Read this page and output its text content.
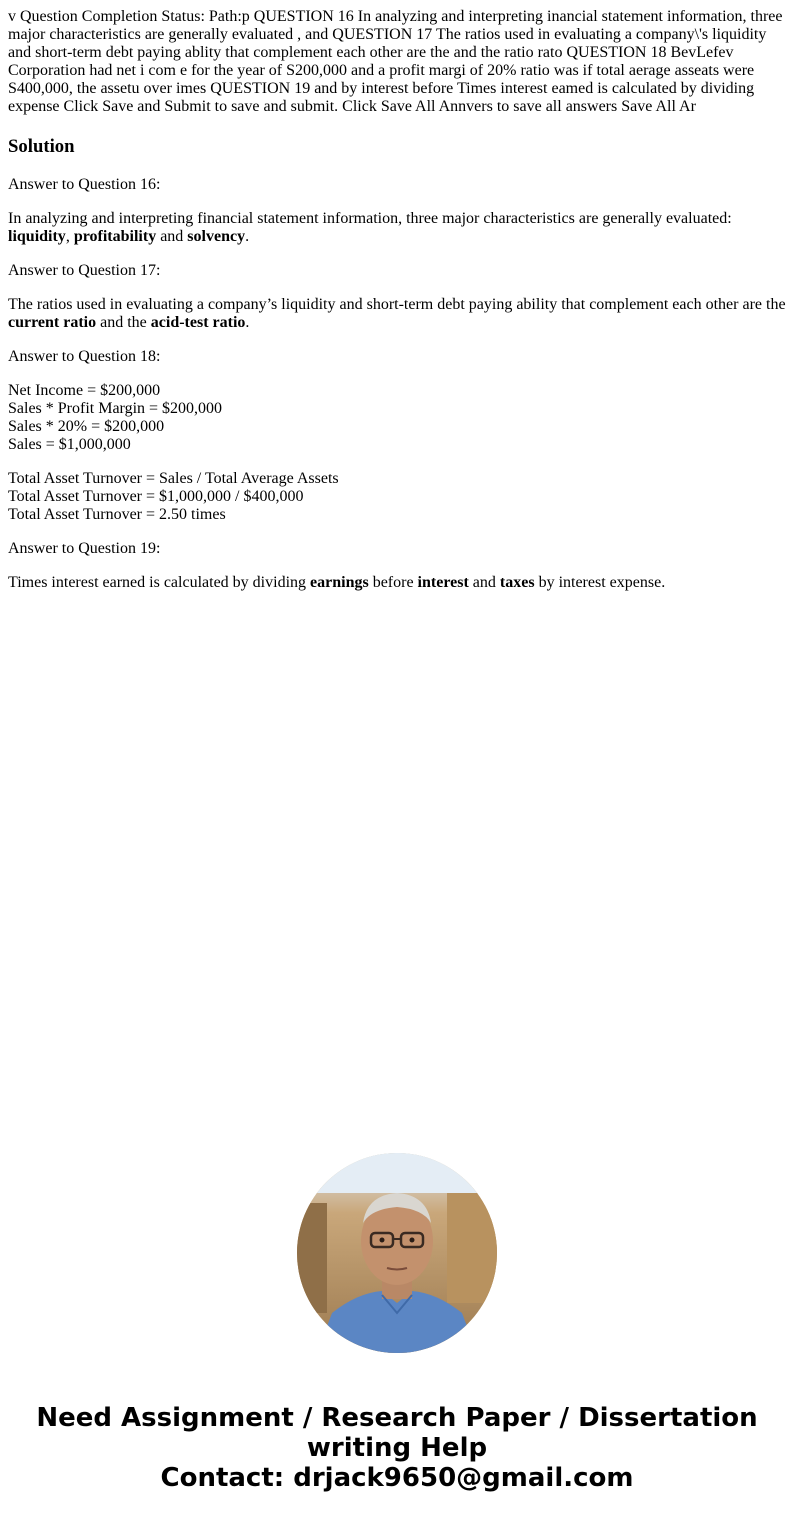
v Question Completion Status: Path:p QUESTION 16 In analyzing and interpreting inancial statement information, three major characteristics are generally evaluated , and QUESTION 17 The ratios used in evaluating a company\'s liquidity and short-term debt paying ablity that complement each other are the and the ratio rato QUESTION 18 BevLefev Corporation had net i com e for the year of S200,000 and a profit margi of 20% ratio was if total aerage asseats were S400,000, the assetu over imes QUESTION 19 and by interest before Times interest eamed is calculated by dividing expense Click Save and Submit to save and submit. Click Save All Annvers to save all answers Save All Ar
Solution

Answer to Question 16:

In analyzing and interpreting financial statement information, three major characteristics are generally evaluated:
liquidity, profitability and solvency.

Answer to Question 17:

The ratios used in evaluating a company’s liquidity and short-term debt paying ability that complement each other are the current ratio and the acid-test ratio.

Answer to Question 18:

Net Income = $200,000
Sales * Profit Margin = $200,000
Sales * 20% = $200,000
Sales = $1,000,000

Total Asset Turnover = Sales / Total Average Assets
Total Asset Turnover = $1,000,000 / $400,000
Total Asset Turnover = 2.50 times

Answer to Question 19:

Times interest earned is calculated by dividing earnings before interest and taxes by interest expense.

Need Assignment / Research Paper / Dissertation
writing Help
Contact: drjack9650@gmail.com
